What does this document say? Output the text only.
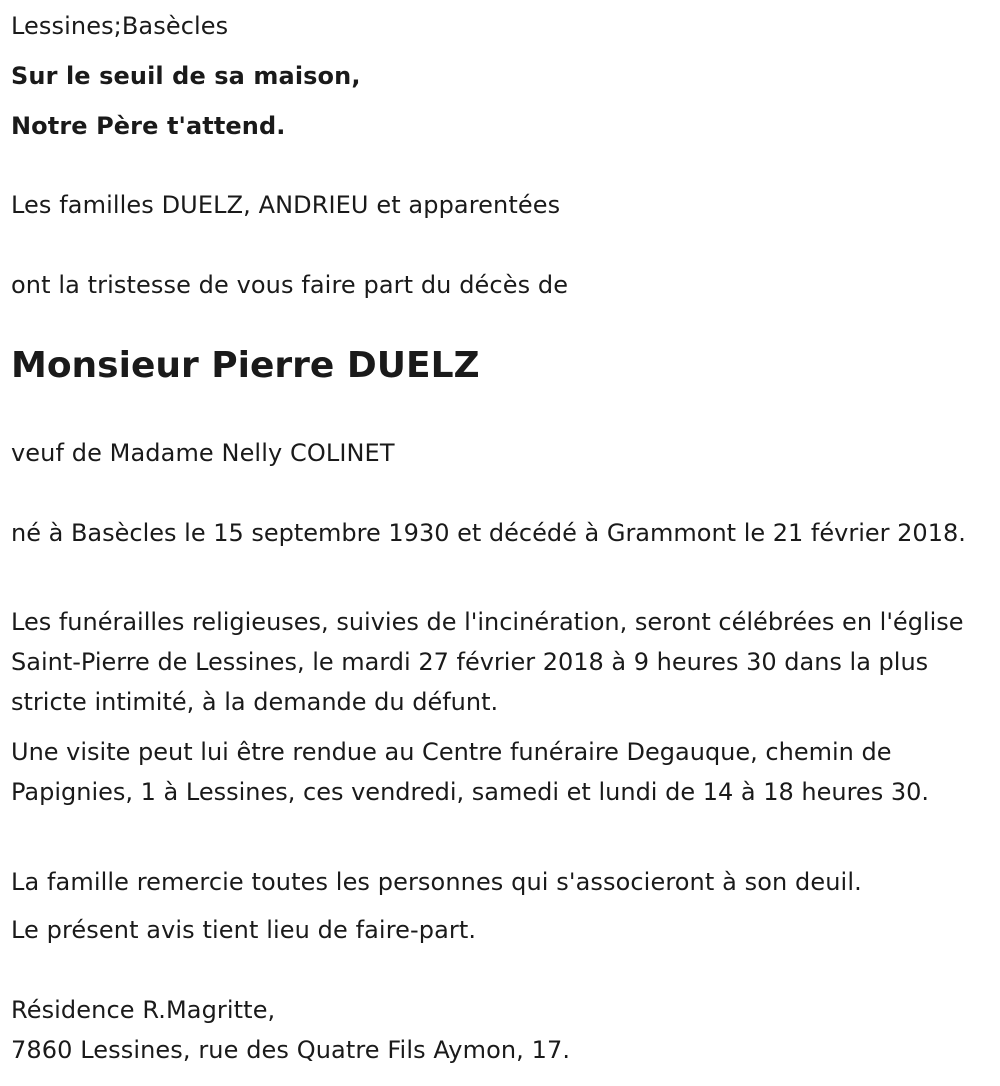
Lessines;Basècles

Sur le seuil de sa maison,

Notre Père t'attend.

Les familles DUELZ, ANDRIEU et apparentées

ont la tristesse de vous faire part du décès de

Monsieur Pierre DUELZ

veuf de Madame Nelly COLINET

né à Basècles le 15 septembre 1930 et décédé à Grammont le 21 février 2018.

Les funérailles religieuses, suivies de l'incinération, seront célébrées en l'église Saint-Pierre de Lessines, le mardi 27 février 2018 à 9 heures 30 dans la plus stricte intimité, à la demande du défunt.

Une visite peut lui être rendue au Centre funéraire Degauque, chemin de Papignies, 1 à Lessines, ces vendredi, samedi et lundi de 14 à 18 heures 30.

La famille remercie toutes les personnes qui s'associeront à son deuil.

Le présent avis tient lieu de faire-part.

Résidence R.Magritte,

7860 Lessines, rue des Quatre Fils Aymon, 17.
